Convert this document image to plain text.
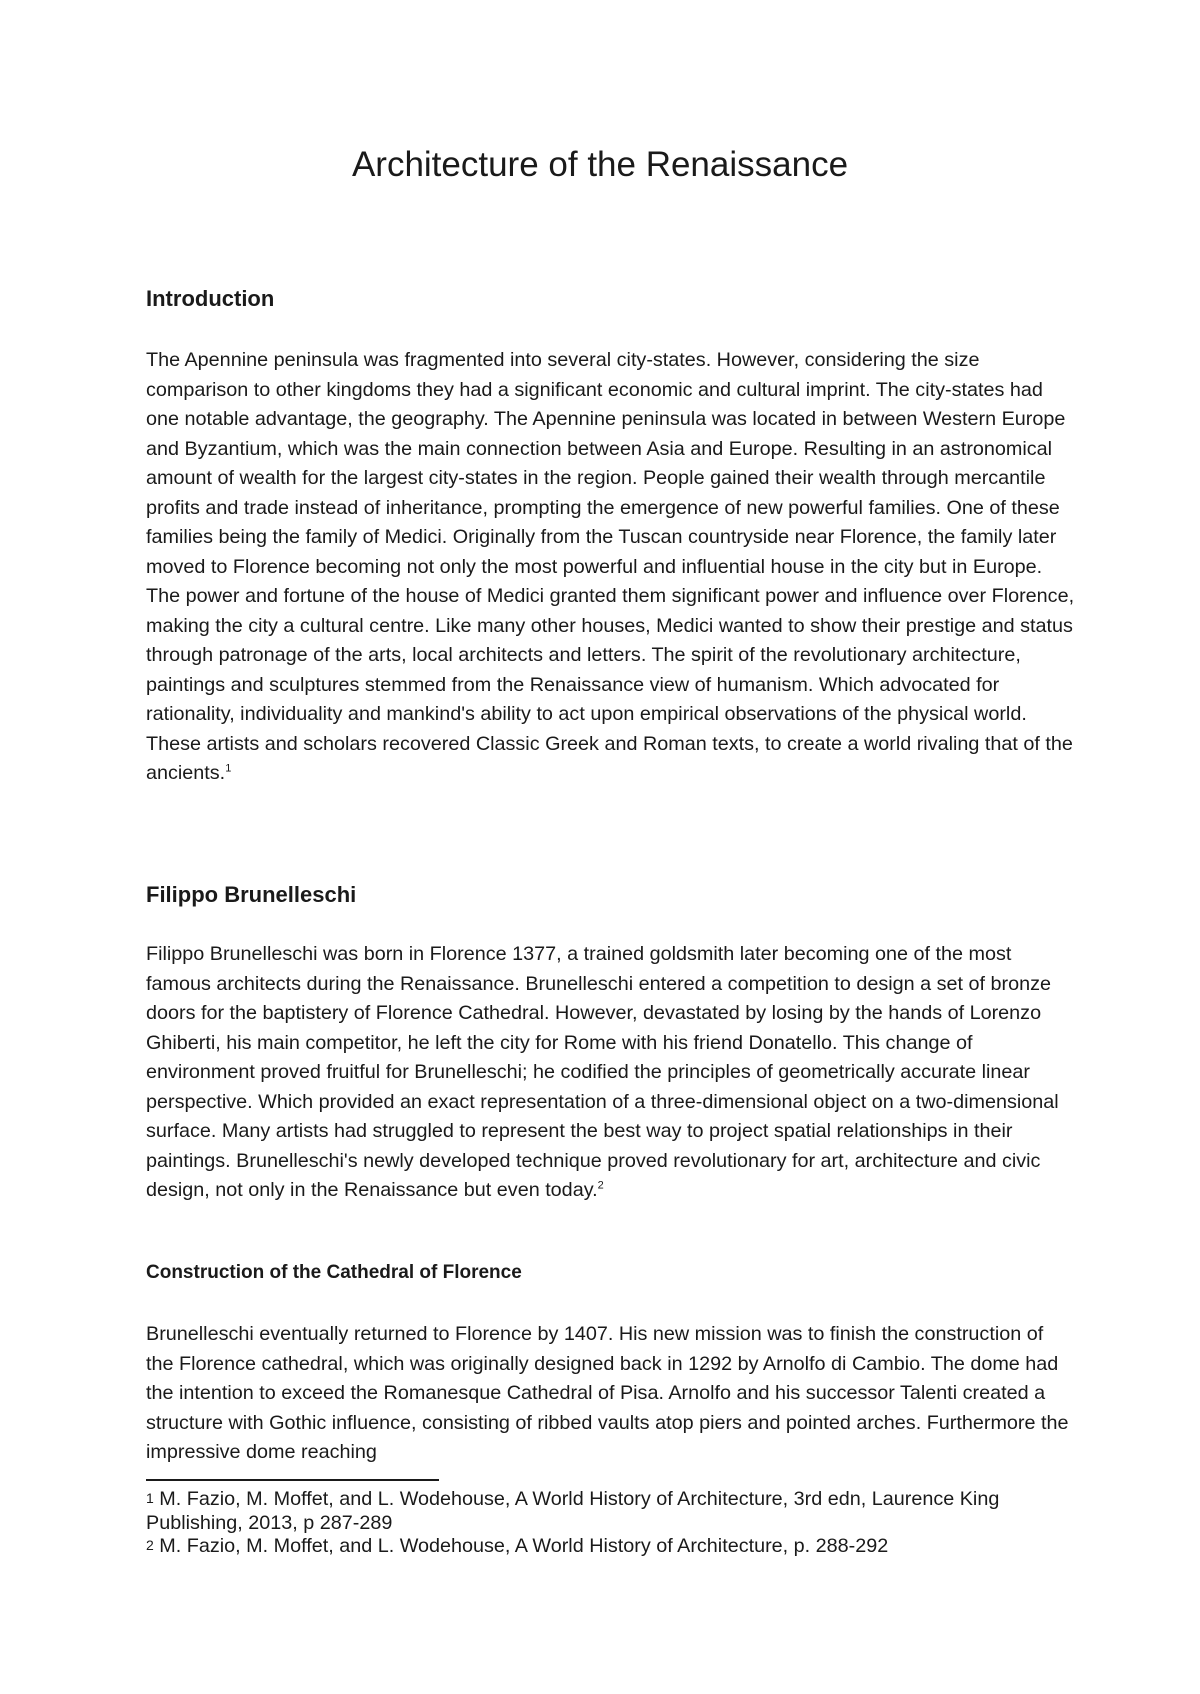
Architecture of the Renaissance
Introduction

The Apennine peninsula was fragmented into several city-states. However, considering the size comparison to other kingdoms they had a significant economic and cultural imprint. The city-states had one notable advantage, the geography. The Apennine peninsula was located in between Western Europe and Byzantium, which was the main connection between Asia and Europe. Resulting in an astronomical amount of wealth for the largest city-states in the region. People gained their wealth through mercantile profits and trade instead of inheritance, prompting the emergence of new powerful families. One of these families being the family of Medici. Originally from the Tuscan countryside near Florence, the family later moved to Florence becoming not only the most powerful and influential house in the city but in Europe. The power and fortune of the house of Medici granted them significant power and influence over Florence, making the city a cultural centre. Like many other houses, Medici wanted to show their prestige and status through patronage of the arts, local architects and letters. The spirit of the revolutionary architecture, paintings and sculptures stemmed from the Renaissance view of humanism. Which advocated for rationality, individuality and mankind's ability to act upon empirical observations of the physical world. These artists and scholars recovered Classic Greek and Roman texts, to create a world rivaling that of the ancients.$^1$

Filippo Brunelleschi

Filippo Brunelleschi was born in Florence 1377, a trained goldsmith later becoming one of the most famous architects during the Renaissance. Brunelleschi entered a competition to design a set of bronze doors for the baptistery of Florence Cathedral. However, devastated by losing by the hands of Lorenzo Ghiberti, his main competitor, he left the city for Rome with his friend Donatello. This change of environment proved fruitful for Brunelleschi; he codified the principles of geometrically accurate linear perspective. Which provided an exact representation of a three-dimensional object on a two-dimensional surface. Many artists had struggled to represent the best way to project spatial relationships in their paintings. Brunelleschi's newly developed technique proved revolutionary for art, architecture and civic design, not only in the Renaissance but even today.$^2$

Construction of the Cathedral of Florence

Brunelleschi eventually returned to Florence by 1407. His new mission was to finish the construction of the Florence cathedral, which was originally designed back in 1292 by Arnolfo di Cambio. The dome had the intention to exceed the Romanesque Cathedral of Pisa. Arnolfo and his successor Talenti created a structure with Gothic influence, consisting of ribbed vaults atop piers and pointed arches. Furthermore the impressive dome reaching

$^1$ M. Fazio, M. Moffet, and L. Wodehouse, A World History of Architecture, 3rd edn, Laurence King Publishing, 2013, p 287-289

$^2$ M. Fazio, M. Moffet, and L. Wodehouse, A World History of Architecture, p. 288-292
